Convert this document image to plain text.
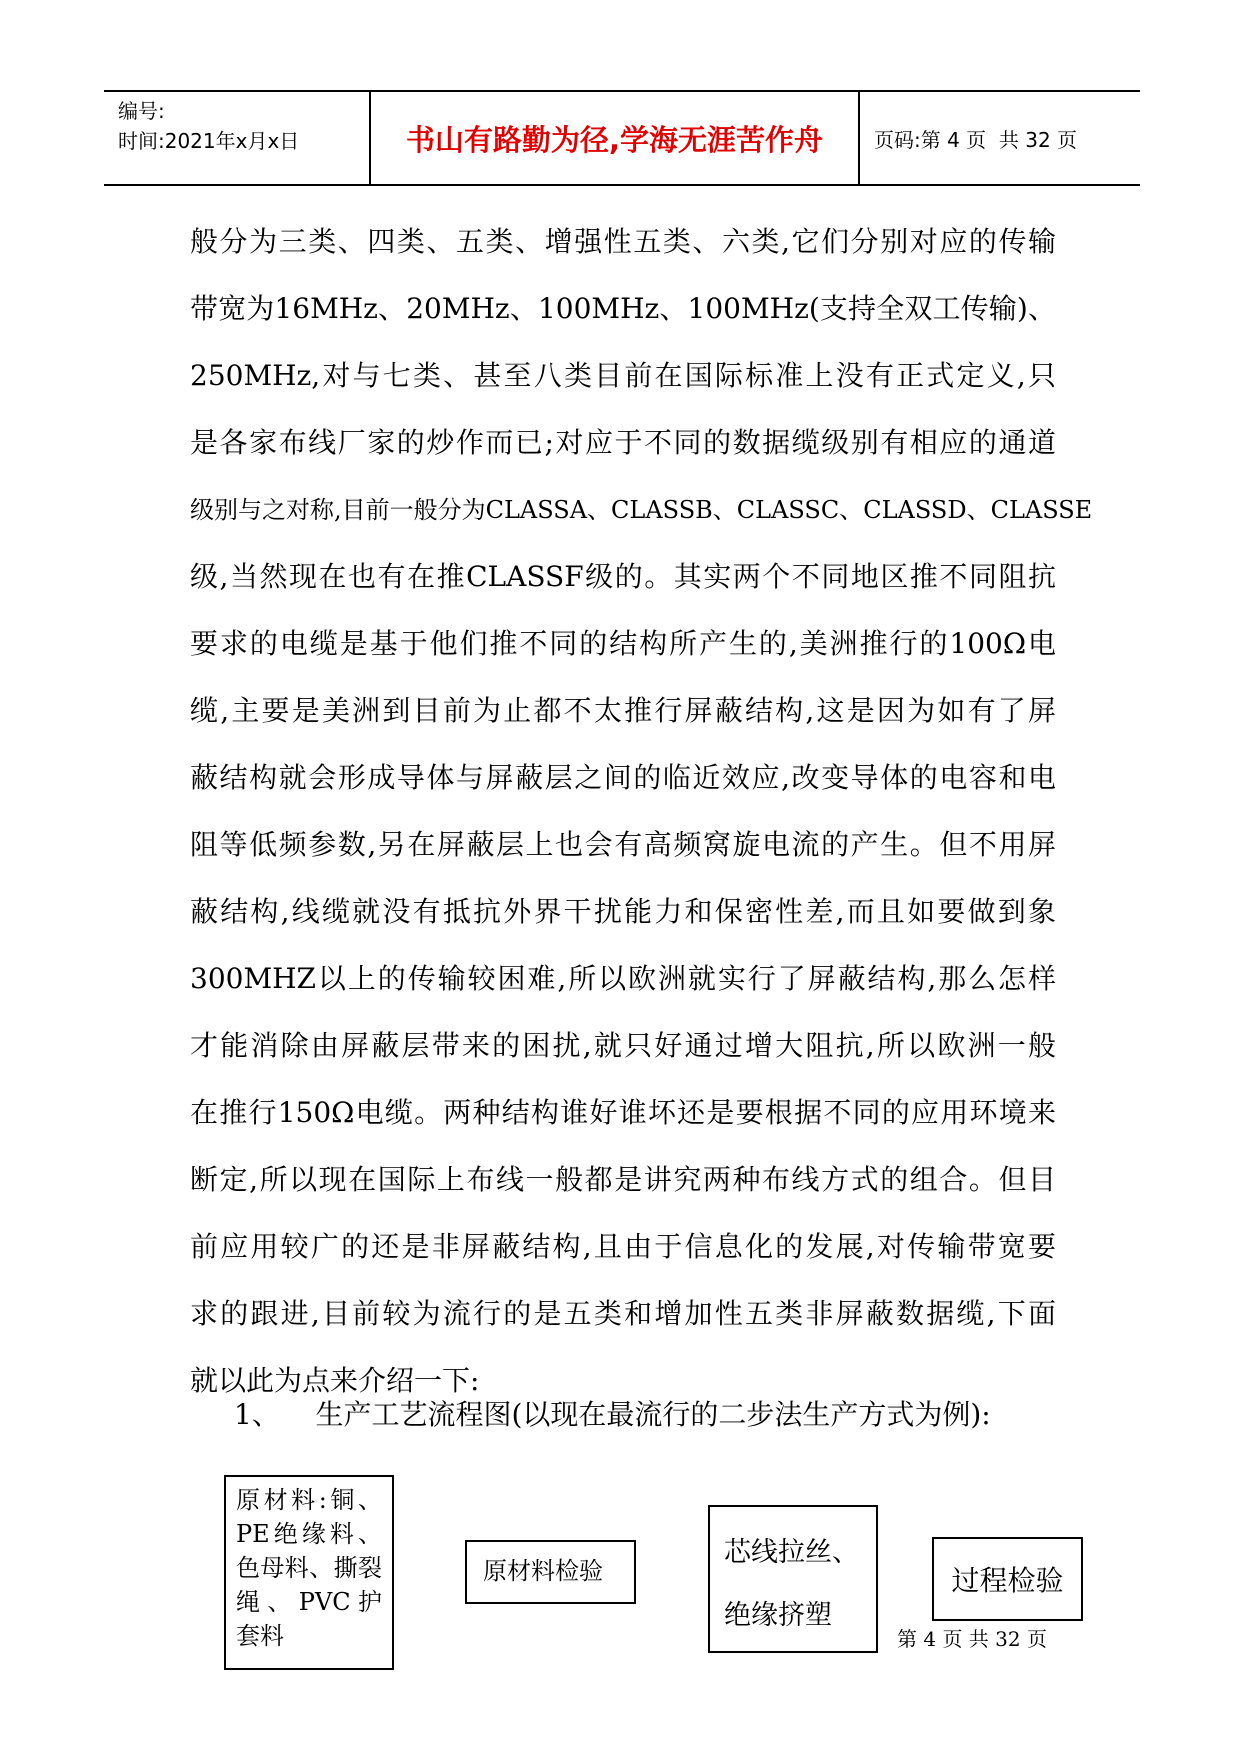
编号:
时间:2021年x月x日	书山有路勤为径,学海无涯苦作舟	页码:第 4 页  共 32 页
般分为三类、四类、五类、增强性五类、六类,它们分别对应的传输
带宽为16MHz、20MHz、100MHz、100MHz(支持全双工传输)、
250MHz,对与七类、甚至八类目前在国际标准上没有正式定义,只
是各家布线厂家的炒作而已;对应于不同的数据缆级别有相应的通道
级别与之对称,目前一般分为CLASSA、CLASSB、CLASSC、CLASSD、CLASSE
级,当然现在也有在推CLASSF级的。其实两个不同地区推不同阻抗
要求的电缆是基于他们推不同的结构所产生的,美洲推行的100Ω电
缆,主要是美洲到目前为止都不太推行屏蔽结构,这是因为如有了屏
蔽结构就会形成导体与屏蔽层之间的临近效应,改变导体的电容和电
阻等低频参数,另在屏蔽层上也会有高频窝旋电流的产生。但不用屏
蔽结构,线缆就没有抵抗外界干扰能力和保密性差,而且如要做到象
300MHZ以上的传输较困难,所以欧洲就实行了屏蔽结构,那么怎样
才能消除由屏蔽层带来的困扰,就只好通过增大阻抗,所以欧洲一般
在推行150Ω电缆。两种结构谁好谁坏还是要根据不同的应用环境来
断定,所以现在国际上布线一般都是讲究两种布线方式的组合。但目
前应用较广的还是非屏蔽结构,且由于信息化的发展,对传输带宽要
求的跟进,目前较为流行的是五类和增加性五类非屏蔽数据缆,下面
就以此为点来介绍一下:
1、 生产工艺流程图(以现在最流行的二步法生产方式为例):
原材料:铜、PE绝缘料、色母料、撕裂绳、PVC护套料
原材料检验
芯线拉丝、
绝缘挤塑
过程检验
第 4 页 共 32 页
